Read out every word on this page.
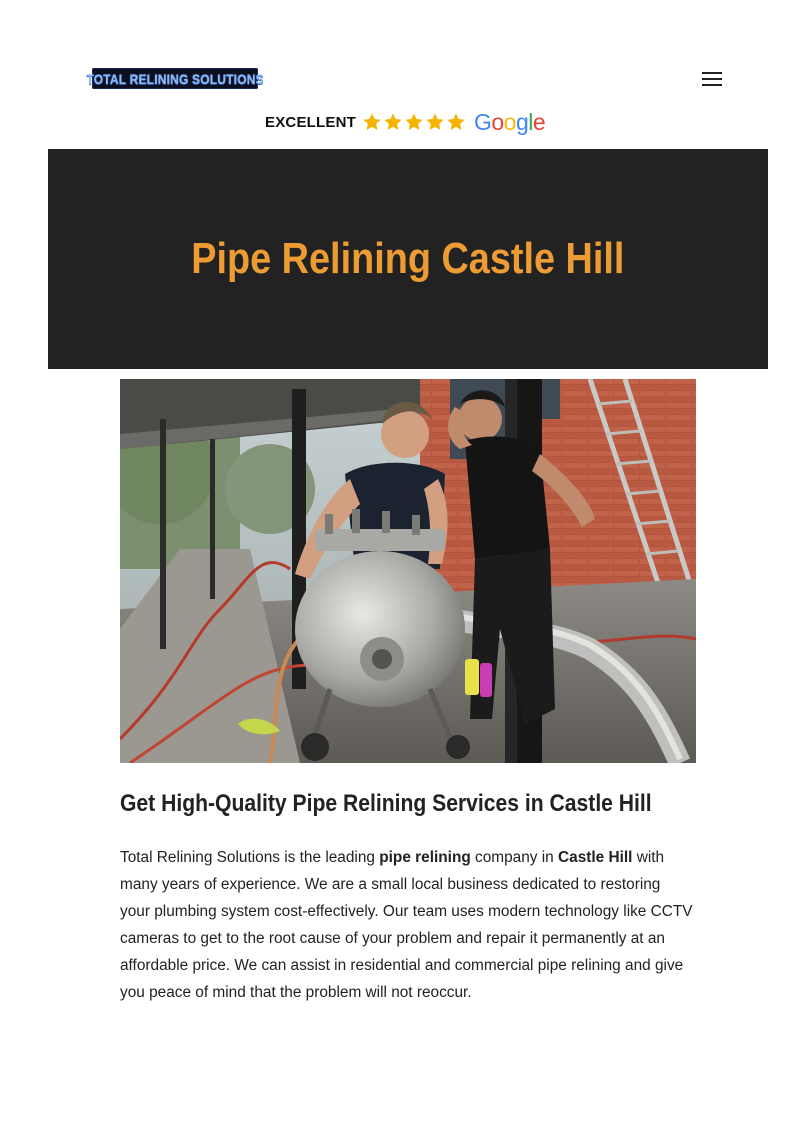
TOTAL RELINING SOLUTIONS
EXCELLENT	Google
Pipe Relining Castle Hill
Get High-Quality Pipe Relining Services in Castle Hill

Total Relining Solutions is the leading pipe relining company in Castle Hill with many years of experience. We are a small local business dedicated to restoring your plumbing system cost-effectively. Our team uses modern technology like CCTV cameras to get to the root cause of your problem and repair it permanently at an affordable price. We can assist in residential and commercial pipe relining and give you peace of mind that the problem will not reoccur.
